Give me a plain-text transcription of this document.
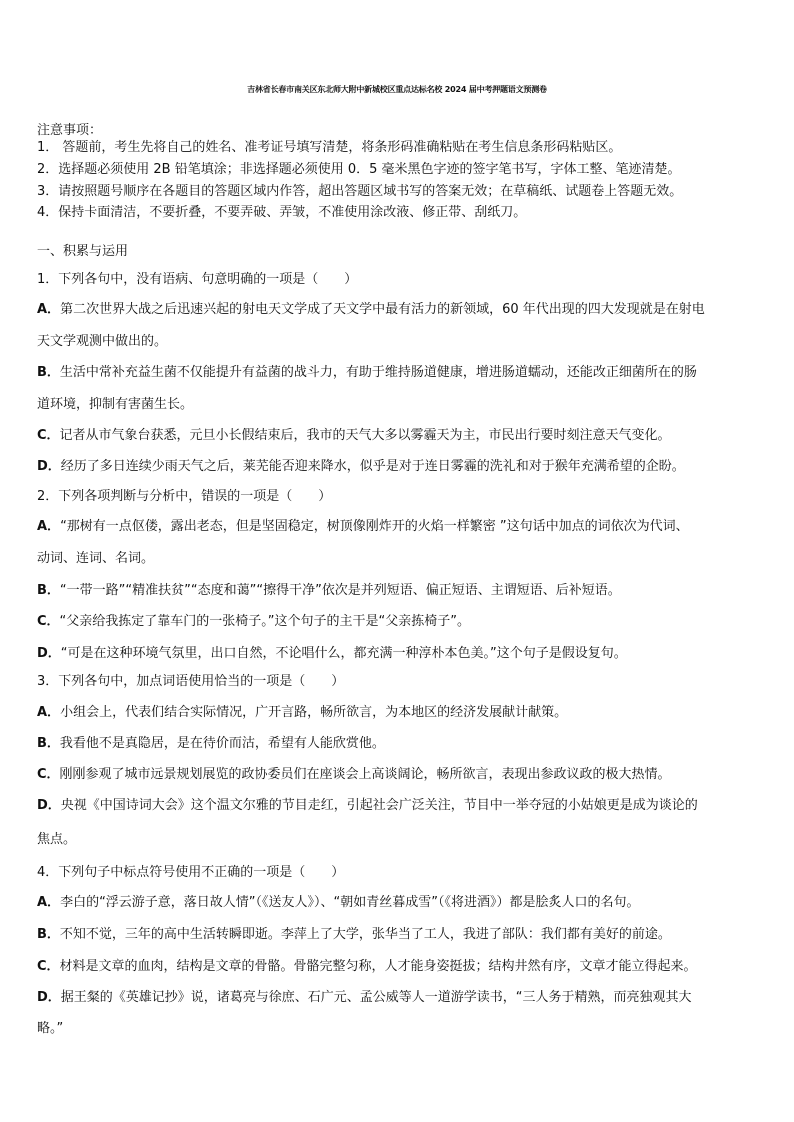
吉林省长春市南关区东北师大附中新城校区重点达标名校 2024 届中考押题语文预测卷
注意事项：
1． 答题前，考生先将自己的姓名、准考证号填写清楚，将条形码准确粘贴在考生信息条形码粘贴区。
2．选择题必须使用 2B 铅笔填涂；非选择题必须使用 0．5 毫米黑色字迹的签字笔书写，字体工整、笔迹清楚。
3．请按照题号顺序在各题目的答题区域内作答，超出答题区域书写的答案无效；在草稿纸、试题卷上答题无效。
4．保持卡面清洁，不要折叠，不要弄破、弄皱，不准使用涂改液、修正带、刮纸刀。
一、积累与运用
1．下列各句中，没有语病、句意明确的一项是（　　）
A．第二次世界大战之后迅速兴起的射电天文学成了天文学中最有活力的新领域，60 年代出现的四大发现就是在射电
天文学观测中做出的。
B．生活中常补充益生菌不仅能提升有益菌的战斗力，有助于维持肠道健康，增进肠道蠕动，还能改正细菌所在的肠
道环境，抑制有害菌生长。
C．记者从市气象台获悉，元旦小长假结束后，我市的天气大多以雾霾天为主，市民出行要时刻注意天气变化。
D．经历了多日连续少雨天气之后，莱芜能否迎来降水，似乎是对于连日雾霾的洗礼和对于猴年充满希望的企盼。
2．下列各项判断与分析中，错误的一项是（　　）
A．“那树有一点伛偻，露出老态，但是坚固稳定，树顶像刚炸开的火焰一样繁密 ”这句话中加点的词依次为代词、
动词、连词、名词。
B．“一带一路”“精准扶贫”“态度和蔼”“擦得干净”依次是并列短语、偏正短语、主谓短语、后补短语。
C．“父亲给我拣定了靠车门的一张椅子。”这个句子的主干是“父亲拣椅子”。
D．“可是在这种环境气氛里，出口自然，不论唱什么，都充满一种淳朴本色美。”这个句子是假设复句。
3．下列各句中，加点词语使用恰当的一项是（　　）
A．小组会上，代表们结合实际情况，广开言路，畅所欲言，为本地区的经济发展献计献策。
B．我看他不是真隐居，是在待价而沽，希望有人能欣赏他。
C．刚刚参观了城市远景规划展览的政协委员们在座谈会上高谈阔论，畅所欲言，表现出参政议政的极大热情。
D．央视《中国诗词大会》这个温文尔雅的节目走红，引起社会广泛关注，节目中一举夺冠的小姑娘更是成为谈论的
焦点。
4．下列句子中标点符号使用不正确的一项是（　　）
A．李白的“浮云游子意，落日故人情”（《送友人》）、“朝如青丝暮成雪”（《将进酒》）都是脍炙人口的名句。
B．不知不觉，三年的高中生活转瞬即逝。李萍上了大学，张华当了工人，我进了部队：我们都有美好的前途。
C．材料是文章的血肉，结构是文章的骨骼。骨骼完整匀称，人才能身姿挺拔；结构井然有序，文章才能立得起来。
D．据王粲的《英雄记抄》说，诸葛亮与徐庶、石广元、孟公威等人一道游学读书，“三人务于精熟，而亮独观其大
略。”
